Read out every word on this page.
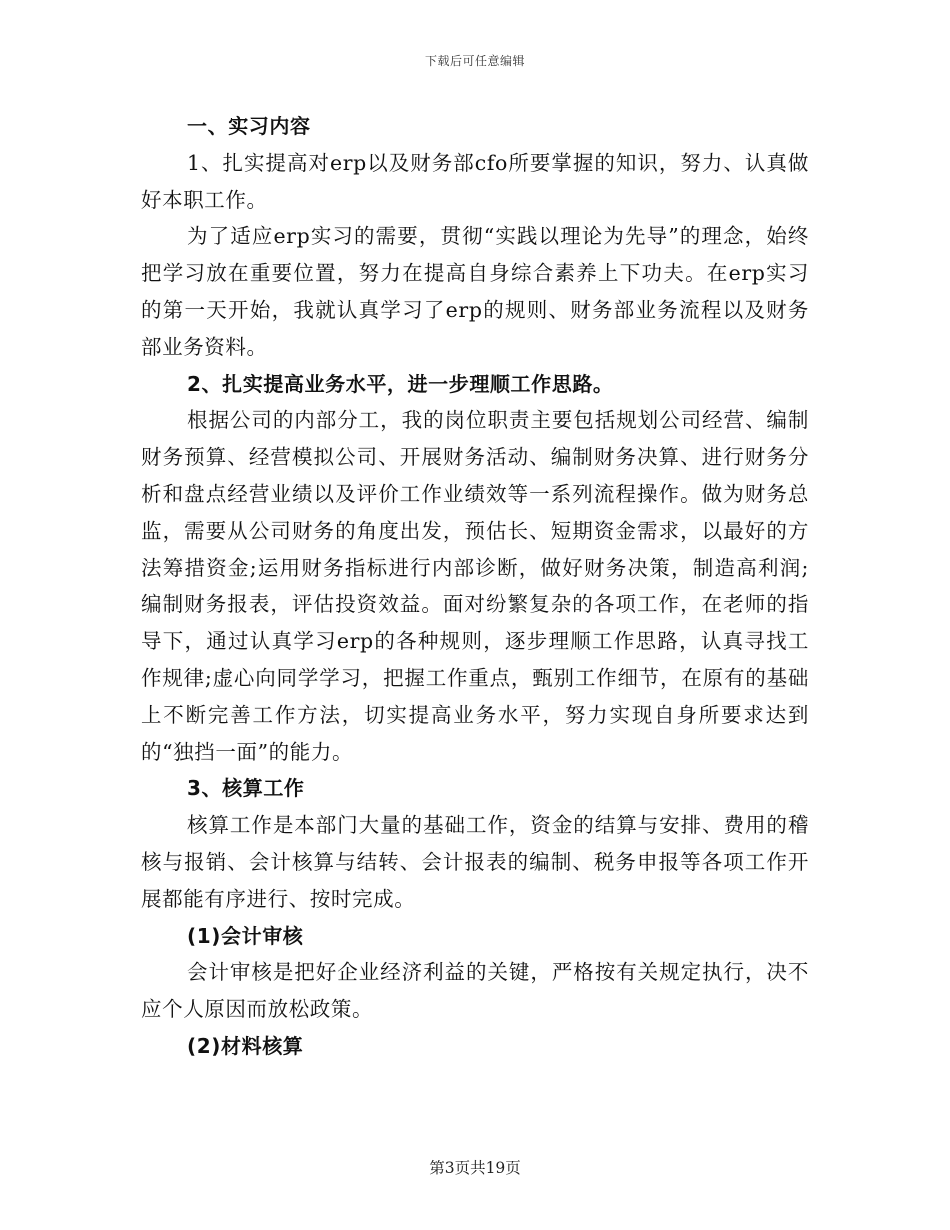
下载后可任意编辑

一、实习内容

1、扎实提高对erp以及财务部cfo所要掌握的知识，努力、认真做好本职工作。

为了适应erp实习的需要，贯彻“实践以理论为先导”的理念，始终把学习放在重要位置，努力在提高自身综合素养上下功夫。在erp实习的第一天开始，我就认真学习了erp的规则、财务部业务流程以及财务部业务资料。

2、扎实提高业务水平，进一步理顺工作思路。

根据公司的内部分工，我的岗位职责主要包括规划公司经营、编制财务预算、经营模拟公司、开展财务活动、编制财务决算、进行财务分析和盘点经营业绩以及评价工作业绩效等一系列流程操作。做为财务总监，需要从公司财务的角度出发，预估长、短期资金需求，以最好的方法筹措资金;运用财务指标进行内部诊断，做好财务决策，制造高利润;编制财务报表，评估投资效益。面对纷繁复杂的各项工作，在老师的指导下，通过认真学习erp的各种规则，逐步理顺工作思路，认真寻找工作规律;虚心向同学学习，把握工作重点，甄别工作细节，在原有的基础上不断完善工作方法，切实提高业务水平，努力实现自身所要求达到的“独挡一面”的能力。

3、核算工作

核算工作是本部门大量的基础工作，资金的结算与安排、费用的稽核与报销、会计核算与结转、会计报表的编制、税务申报等各项工作开展都能有序进行、按时完成。

(1)会计审核

会计审核是把好企业经济利益的关键，严格按有关规定执行，决不应个人原因而放松政策。

(2)材料核算

第3页共19页
